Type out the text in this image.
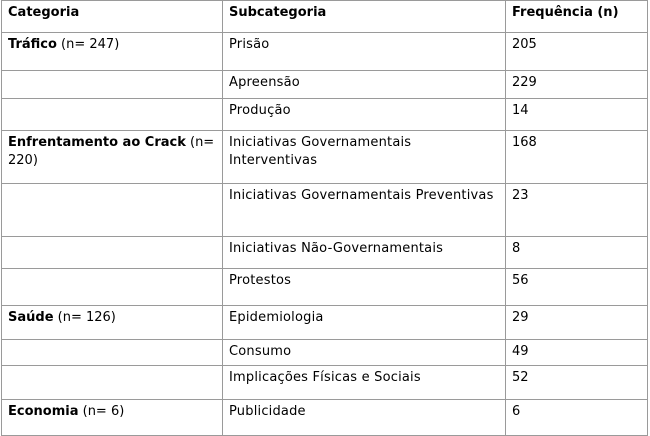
Categoria	Subcategoria	Frequência (n)
Tráfico (n= 247)	Prisão	205
	Apreensão	229
	Produção	14
Enfrentamento ao Crack (n= 220)	Iniciativas Governamentais Interventivas	168
	Iniciativas Governamentais Preventivas	23
	Iniciativas Não-Governamentais	8
	Protestos	56
Saúde (n= 126)	Epidemiologia	29
	Consumo	49
	Implicações Físicas e Sociais	52
Economia (n= 6)	Publicidade	6
